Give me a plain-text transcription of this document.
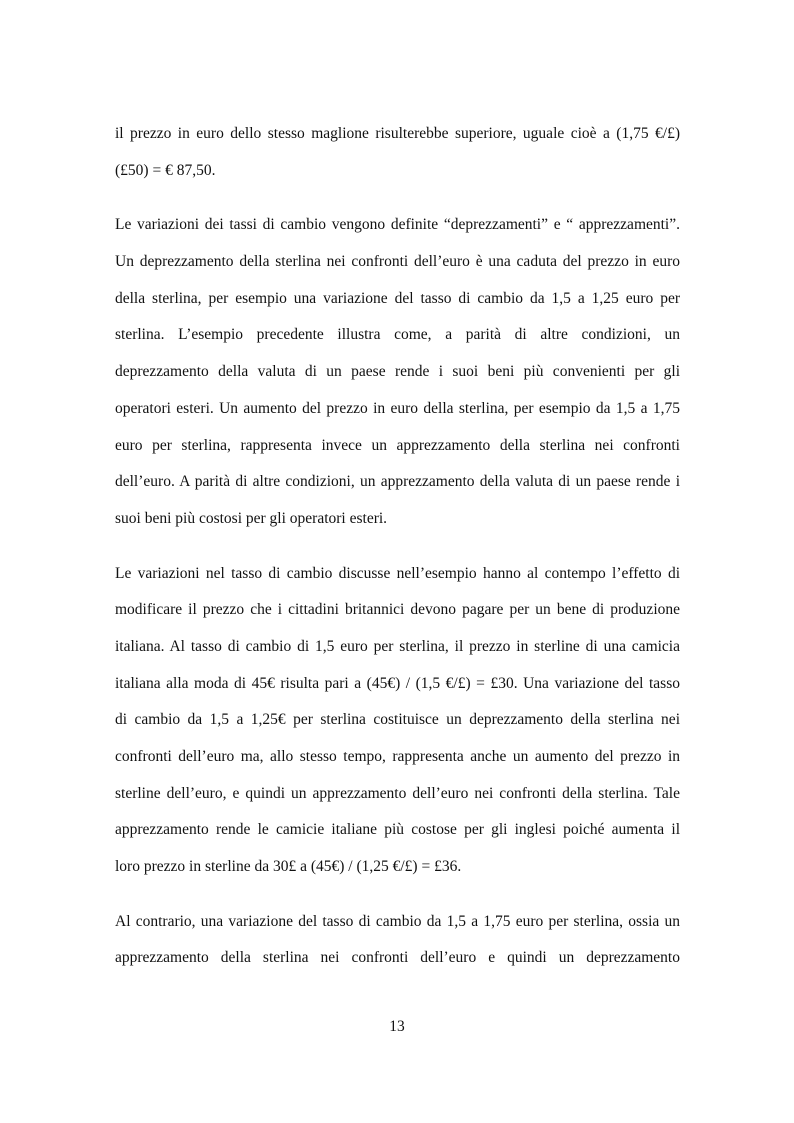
il prezzo in euro dello stesso maglione risulterebbe superiore, uguale cioè a (1,75 €/£)
(£50) = € 87,50.
Le variazioni dei tassi di cambio vengono definite “deprezzamenti” e “ apprezzamenti”.
Un deprezzamento della sterlina nei confronti dell’euro è una caduta del prezzo in euro
della sterlina, per esempio una variazione del tasso di cambio da 1,5 a 1,25 euro per
sterlina. L’esempio precedente illustra come, a parità di altre condizioni, un
deprezzamento della valuta di un paese rende i suoi beni più convenienti per gli
operatori esteri. Un aumento del prezzo in euro della sterlina, per esempio da 1,5 a 1,75
euro per sterlina, rappresenta invece un apprezzamento della sterlina nei confronti
dell’euro. A parità di altre condizioni, un apprezzamento della valuta di un paese rende i
suoi beni più costosi per gli operatori esteri.
Le variazioni nel tasso di cambio discusse nell’esempio hanno al contempo l’effetto di
modificare il prezzo che i cittadini britannici devono pagare per un bene di produzione
italiana. Al tasso di cambio di 1,5 euro per sterlina, il prezzo in sterline di una camicia
italiana alla moda di 45€ risulta pari a (45€) / (1,5 €/£) = £30. Una variazione del tasso
di cambio da 1,5 a 1,25€ per sterlina costituisce un deprezzamento della sterlina nei
confronti dell’euro ma, allo stesso tempo, rappresenta anche un aumento del prezzo in
sterline dell’euro, e quindi un apprezzamento dell’euro nei confronti della sterlina. Tale
apprezzamento rende le camicie italiane più costose per gli inglesi poiché aumenta il
loro prezzo in sterline da 30£ a (45€) / (1,25 €/£) = £36.
Al contrario, una variazione del tasso di cambio da 1,5 a 1,75 euro per sterlina, ossia un
apprezzamento della sterlina nei confronti dell’euro e quindi un deprezzamento
13
